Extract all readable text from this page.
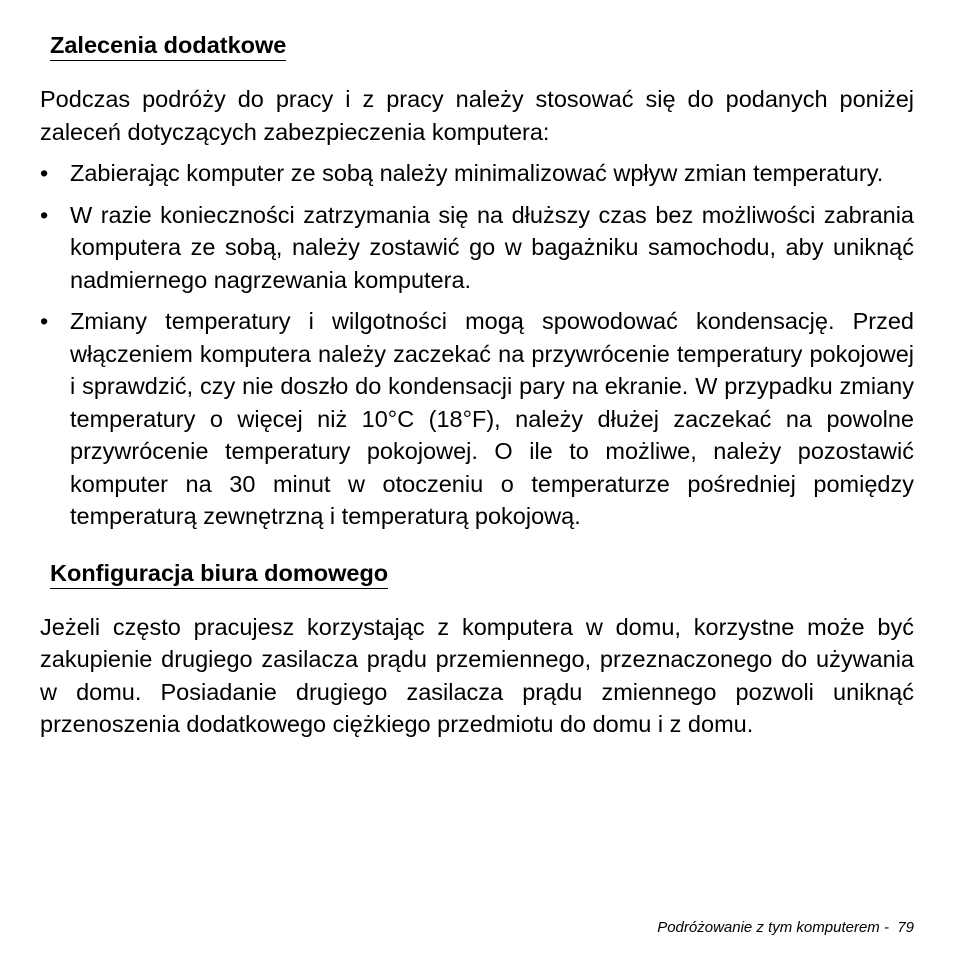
Zalecenia dodatkowe

Podczas podróży do pracy i z pracy należy stosować się do podanych poniżej zaleceń dotyczących zabezpieczenia komputera:

• Zabierając komputer ze sobą należy minimalizować wpływ zmian temperatury.
• W razie konieczności zatrzymania się na dłuższy czas bez możliwości zabrania komputera ze sobą, należy zostawić go w bagażniku samochodu, aby uniknąć nadmiernego nagrzewania komputera.
• Zmiany temperatury i wilgotności mogą spowodować kondensację. Przed włączeniem komputera należy zaczekać na przywrócenie temperatury pokojowej i sprawdzić, czy nie doszło do kondensacji pary na ekranie. W przypadku zmiany temperatury o więcej niż 10°C (18°F), należy dłużej zaczekać na powolne przywrócenie temperatury pokojowej. O ile to możliwe, należy pozostawić komputer na 30 minut w otoczeniu o temperaturze pośredniej pomiędzy temperaturą zewnętrzną i temperaturą pokojową.
Konfiguracja biura domowego

Jeżeli często pracujesz korzystając z komputera w domu, korzystne może być zakupienie drugiego zasilacza prądu przemiennego, przeznaczonego do używania w domu. Posiadanie drugiego zasilacza prądu zmiennego pozwoli uniknąć przenoszenia dodatkowego ciężkiego przedmiotu do domu i z domu.

Podróżowanie z tym komputerem - 79
